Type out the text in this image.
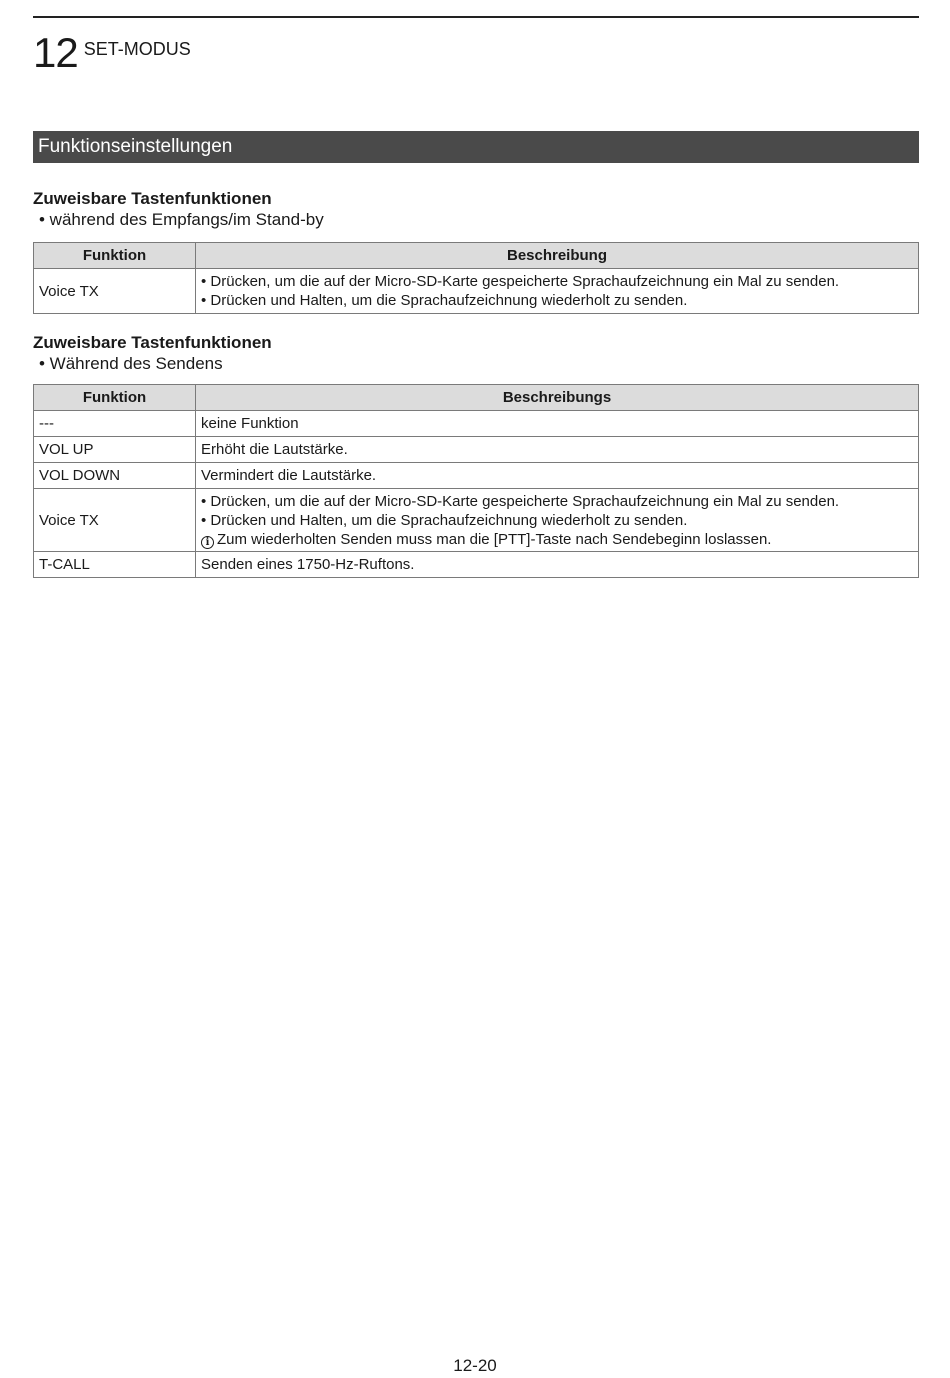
12 SET-MODUS
Funktionseinstellungen
Zuweisbare Tastenfunktionen
• während des Empfangs/im Stand-by
Funktion	Beschreibung
Voice TX	• Drücken, um die auf der Micro-SD-Karte gespeicherte Sprachaufzeichnung ein Mal zu senden.
• Drücken und Halten, um die Sprachaufzeichnung wiederholt zu senden.
Zuweisbare Tastenfunktionen
• Während des Sendens
Funktion	Beschreibungs
---	keine Funktion
VOL UP	Erhöht die Lautstärke.
VOL DOWN	Vermindert die Lautstärke.
Voice TX	• Drücken, um die auf der Micro-SD-Karte gespeicherte Sprachaufzeichnung ein Mal zu senden.
• Drücken und Halten, um die Sprachaufzeichnung wiederholt zu senden.
i Zum wiederholten Senden muss man die [PTT]-Taste nach Sendebeginn loslassen.

T-CALL	Senden eines 1750-Hz-Ruftons.
12-20
